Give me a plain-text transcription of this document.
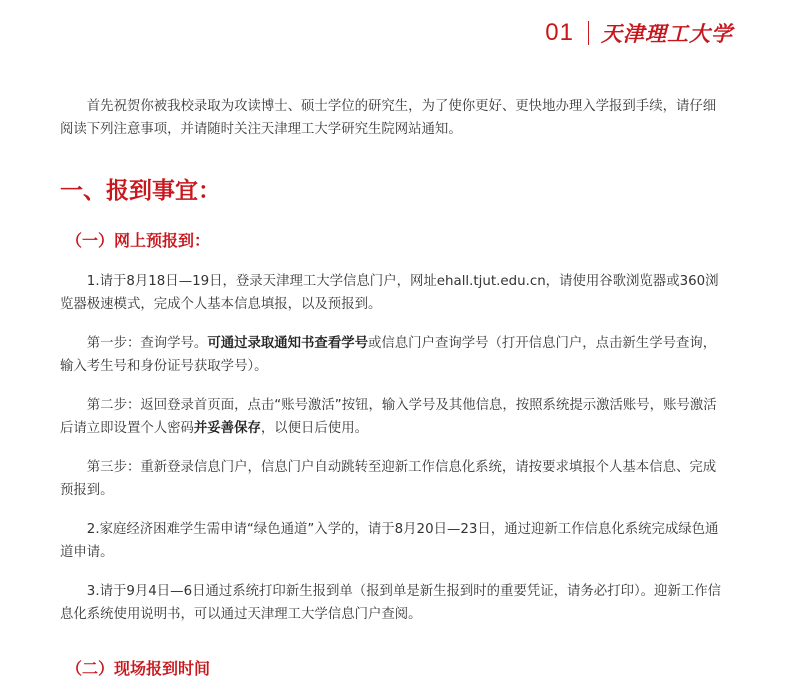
01 天津理工大学

首先祝贺你被我校录取为攻读博士、硕士学位的研究生，为了使你更好、更快地办理入学报到手续，请仔细阅读下列注意事项，并请随时关注天津理工大学研究生院网站通知。

一、报到事宜：
（一）网上预报到：

1.请于8月18日—19日，登录天津理工大学信息门户，网址ehall.tjut.edu.cn，请使用谷歌浏览器或360浏览器极速模式，完成个人基本信息填报，以及预报到。

第一步：查询学号。可通过录取通知书查看学号或信息门户查询学号（打开信息门户，点击新生学号查询，输入考生号和身份证号获取学号）。

第二步：返回登录首页面，点击“账号激活”按钮，输入学号及其他信息，按照系统提示激活账号，账号激活后请立即设置个人密码并妥善保存，以便日后使用。

第三步：重新登录信息门户，信息门户自动跳转至迎新工作信息化系统，请按要求填报个人基本信息、完成预报到。

2.家庭经济困难学生需申请“绿色通道”入学的，请于8月20日—23日，通过迎新工作信息化系统完成绿色通道申请。

3.请于9月4日—6日通过系统打印新生报到单（报到单是新生报到时的重要凭证，请务必打印）。迎新工作信息化系统使用说明书，可以通过天津理工大学信息门户查阅。

（二）现场报到时间
